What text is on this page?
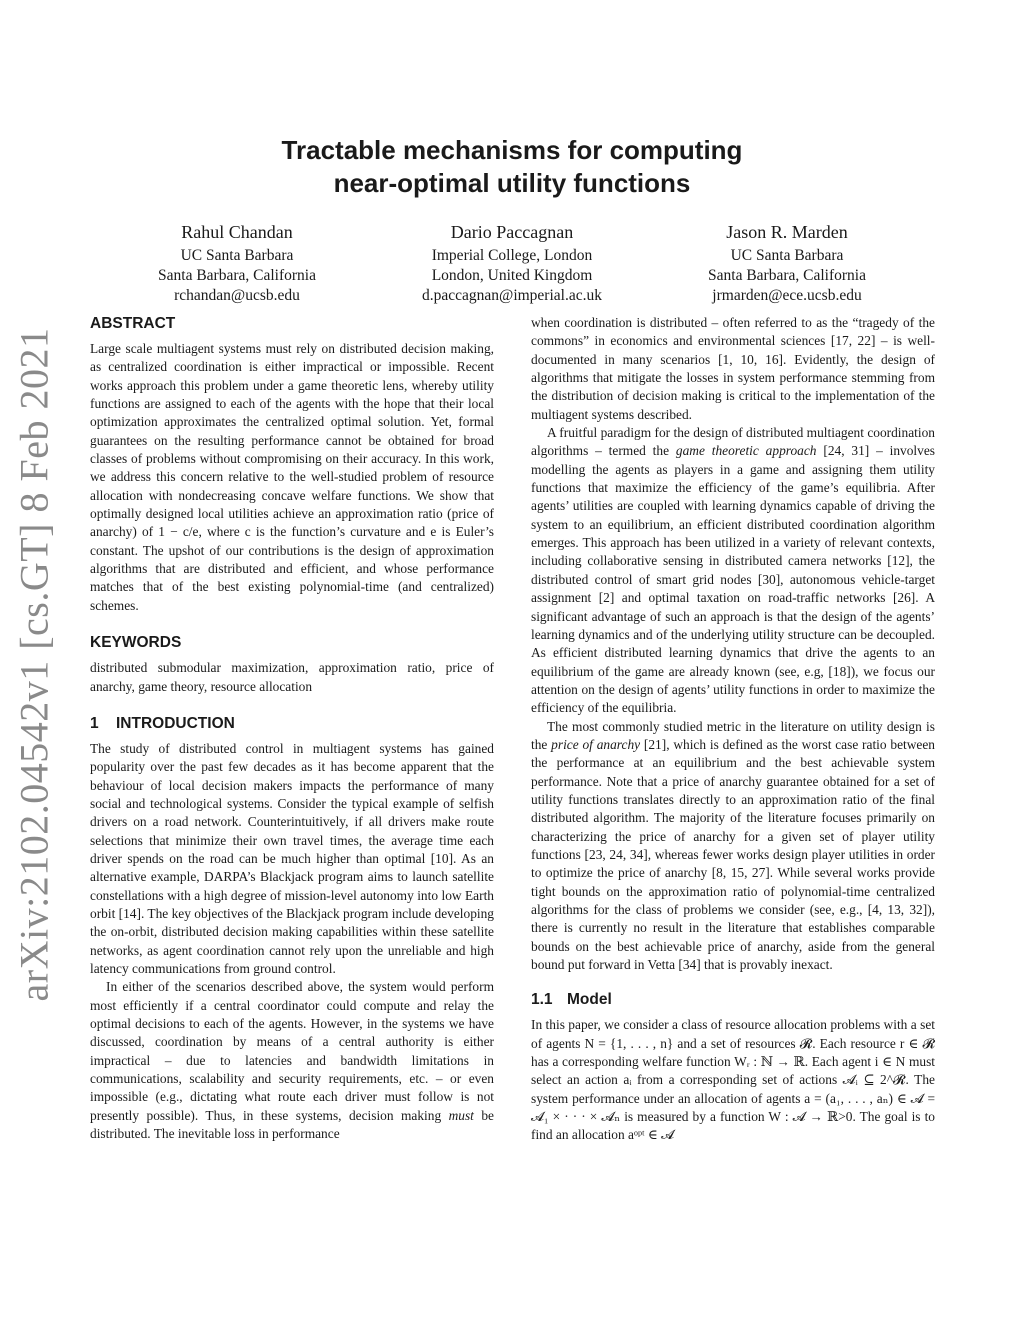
arXiv:2102.04542v1 [cs.GT] 8 Feb 2021
Tractable mechanisms for computing
near-optimal utility functions
Rahul Chandan
UC Santa Barbara
Santa Barbara, California
rchandan@ucsb.edu
Dario Paccagnan
Imperial College, London
London, United Kingdom
d.paccagnan@imperial.ac.uk
Jason R. Marden
UC Santa Barbara
Santa Barbara, California
jrmarden@ece.ucsb.edu
ABSTRACT

Large scale multiagent systems must rely on distributed decision making, as centralized coordination is either impractical or impossible. Recent works approach this problem under a game theoretic lens, whereby utility functions are assigned to each of the agents with the hope that their local optimization approximates the centralized optimal solution. Yet, formal guarantees on the resulting performance cannot be obtained for broad classes of problems without compromising on their accuracy. In this work, we address this concern relative to the well-studied problem of resource allocation with nondecreasing concave welfare functions. We show that optimally designed local utilities achieve an approximation ratio (price of anarchy) of 1 − c/e, where c is the function’s curvature and e is Euler’s constant. The upshot of our contributions is the design of approximation algorithms that are distributed and efficient, and whose performance matches that of the best existing polynomial-time (and centralized) schemes.

KEYWORDS

distributed submodular maximization, approximation ratio, price of anarchy, game theory, resource allocation

1 INTRODUCTION

The study of distributed control in multiagent systems has gained popularity over the past few decades as it has become apparent that the behaviour of local decision makers impacts the performance of many social and technological systems. Consider the typical example of selfish drivers on a road network. Counterintuitively, if all drivers make route selections that minimize their own travel times, the average time each driver spends on the road can be much higher than optimal [10]. As an alternative example, DARPA’s Blackjack program aims to launch satellite constellations with a high degree of mission-level autonomy into low Earth orbit [14]. The key objectives of the Blackjack program include developing the on-orbit, distributed decision making capabilities within these satellite networks, as agent coordination cannot rely upon the unreliable and high latency communications from ground control.

In either of the scenarios described above, the system would perform most efficiently if a central coordinator could compute and relay the optimal decisions to each of the agents. However, in the systems we have discussed, coordination by means of a central authority is either impractical – due to latencies and bandwidth limitations in communications, scalability and security requirements, etc. – or even impossible (e.g., dictating what route each driver must follow is not presently possible). Thus, in these systems, decision making must be distributed. The inevitable loss in performance

when coordination is distributed – often referred to as the “tragedy of the commons” in economics and environmental sciences [17, 22] – is well-documented in many scenarios [1, 10, 16]. Evidently, the design of algorithms that mitigate the losses in system performance stemming from the distribution of decision making is critical to the implementation of the multiagent systems described.

A fruitful paradigm for the design of distributed multiagent coordination algorithms – termed the game theoretic approach [24, 31] – involves modelling the agents as players in a game and assigning them utility functions that maximize the efficiency of the game’s equilibria. After agents’ utilities are coupled with learning dynamics capable of driving the system to an equilibrium, an efficient distributed coordination algorithm emerges. This approach has been utilized in a variety of relevant contexts, including collaborative sensing in distributed camera networks [12], the distributed control of smart grid nodes [30], autonomous vehicle-target assignment [2] and optimal taxation on road-traffic networks [26]. A significant advantage of such an approach is that the design of the agents’ learning dynamics and of the underlying utility structure can be decoupled. As efficient distributed learning dynamics that drive the agents to an equilibrium of the game are already known (see, e.g, [18]), we focus our attention on the design of agents’ utility functions in order to maximize the efficiency of the equilibria.

The most commonly studied metric in the literature on utility design is the price of anarchy [21], which is defined as the worst case ratio between the performance at an equilibrium and the best achievable system performance. Note that a price of anarchy guarantee obtained for a set of utility functions translates directly to an approximation ratio of the final distributed algorithm. The majority of the literature focuses primarily on characterizing the price of anarchy for a given set of player utility functions [23, 24, 34], whereas fewer works design player utilities in order to optimize the price of anarchy [8, 15, 27]. While several works provide tight bounds on the approximation ratio of polynomial-time centralized algorithms for the class of problems we consider (see, e.g., [4, 13, 32]), there is currently no result in the literature that establishes comparable bounds on the best achievable price of anarchy, aside from the general bound put forward in Vetta [34] that is provably inexact.

1.1 Model

In this paper, we consider a class of resource allocation problems with a set of agents N = {1, . . . , n} and a set of resources 𝓡. Each resource r ∈ 𝓡 has a corresponding welfare function Wᵣ : ℕ → ℝ. Each agent i ∈ N must select an action aᵢ from a corresponding set of actions 𝓐ᵢ ⊆ 2^𝓡. The system performance under an allocation of agents a = (a₁, . . . , aₙ) ∈ 𝓐 = 𝓐₁ × · · · × 𝓐ₙ is measured by a function W : 𝓐 → ℝ>0. The goal is to find an allocation aᵒᵖᵗ ∈ 𝓐
